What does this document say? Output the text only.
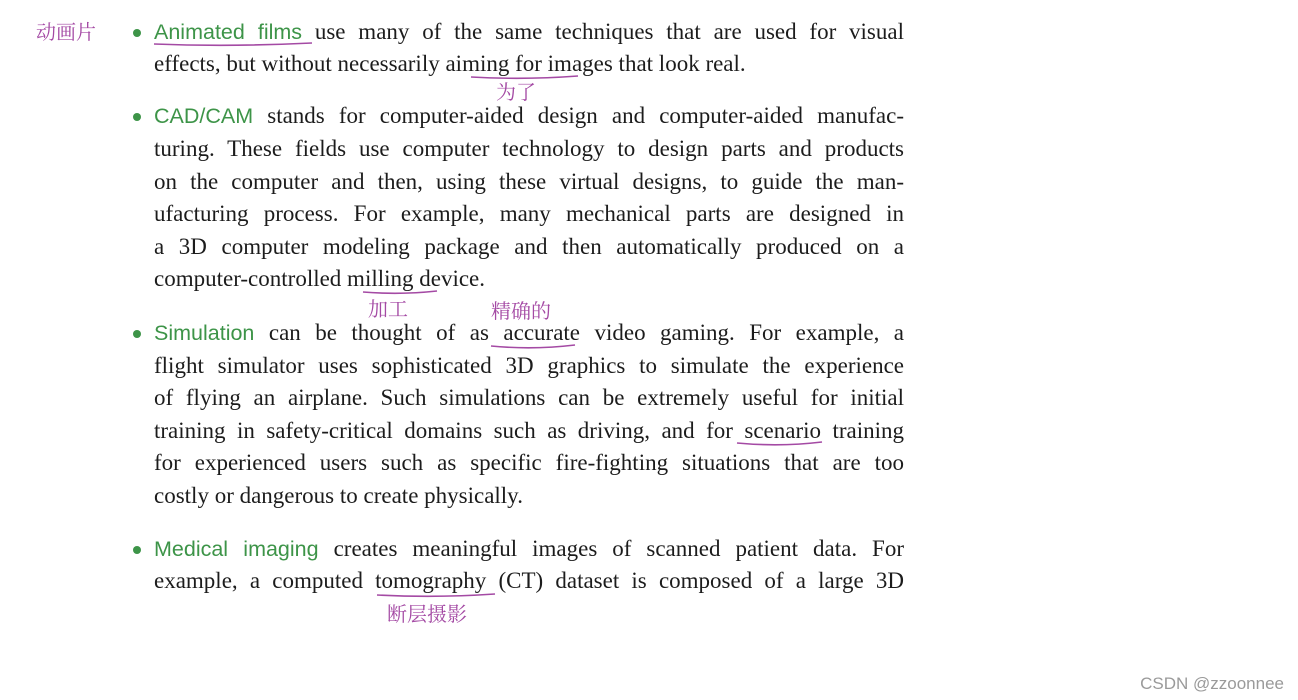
动画片
为了
加工	精确的
断层摄影
Animated films use many of the same techniques that are used for visual
effects, but without necessarily aiming for images that look real.
CAD/CAM stands for computer-aided design and computer-aided manufac-
turing. These fields use computer technology to design parts and products
on the computer and then, using these virtual designs, to guide the man-
ufacturing process. For example, many mechanical parts are designed in
a 3D computer modeling package and then automatically produced on a
computer-controlled milling device.
Simulation can be thought of as accurate video gaming. For example, a
flight simulator uses sophisticated 3D graphics to simulate the experience
of flying an airplane. Such simulations can be extremely useful for initial
training in safety-critical domains such as driving, and for scenario training
for experienced users such as specific fire-fighting situations that are too
costly or dangerous to create physically.
Medical imaging creates meaningful images of scanned patient data. For
example, a computed tomography (CT) dataset is composed of a large 3D
CSDN @zzoonnee
